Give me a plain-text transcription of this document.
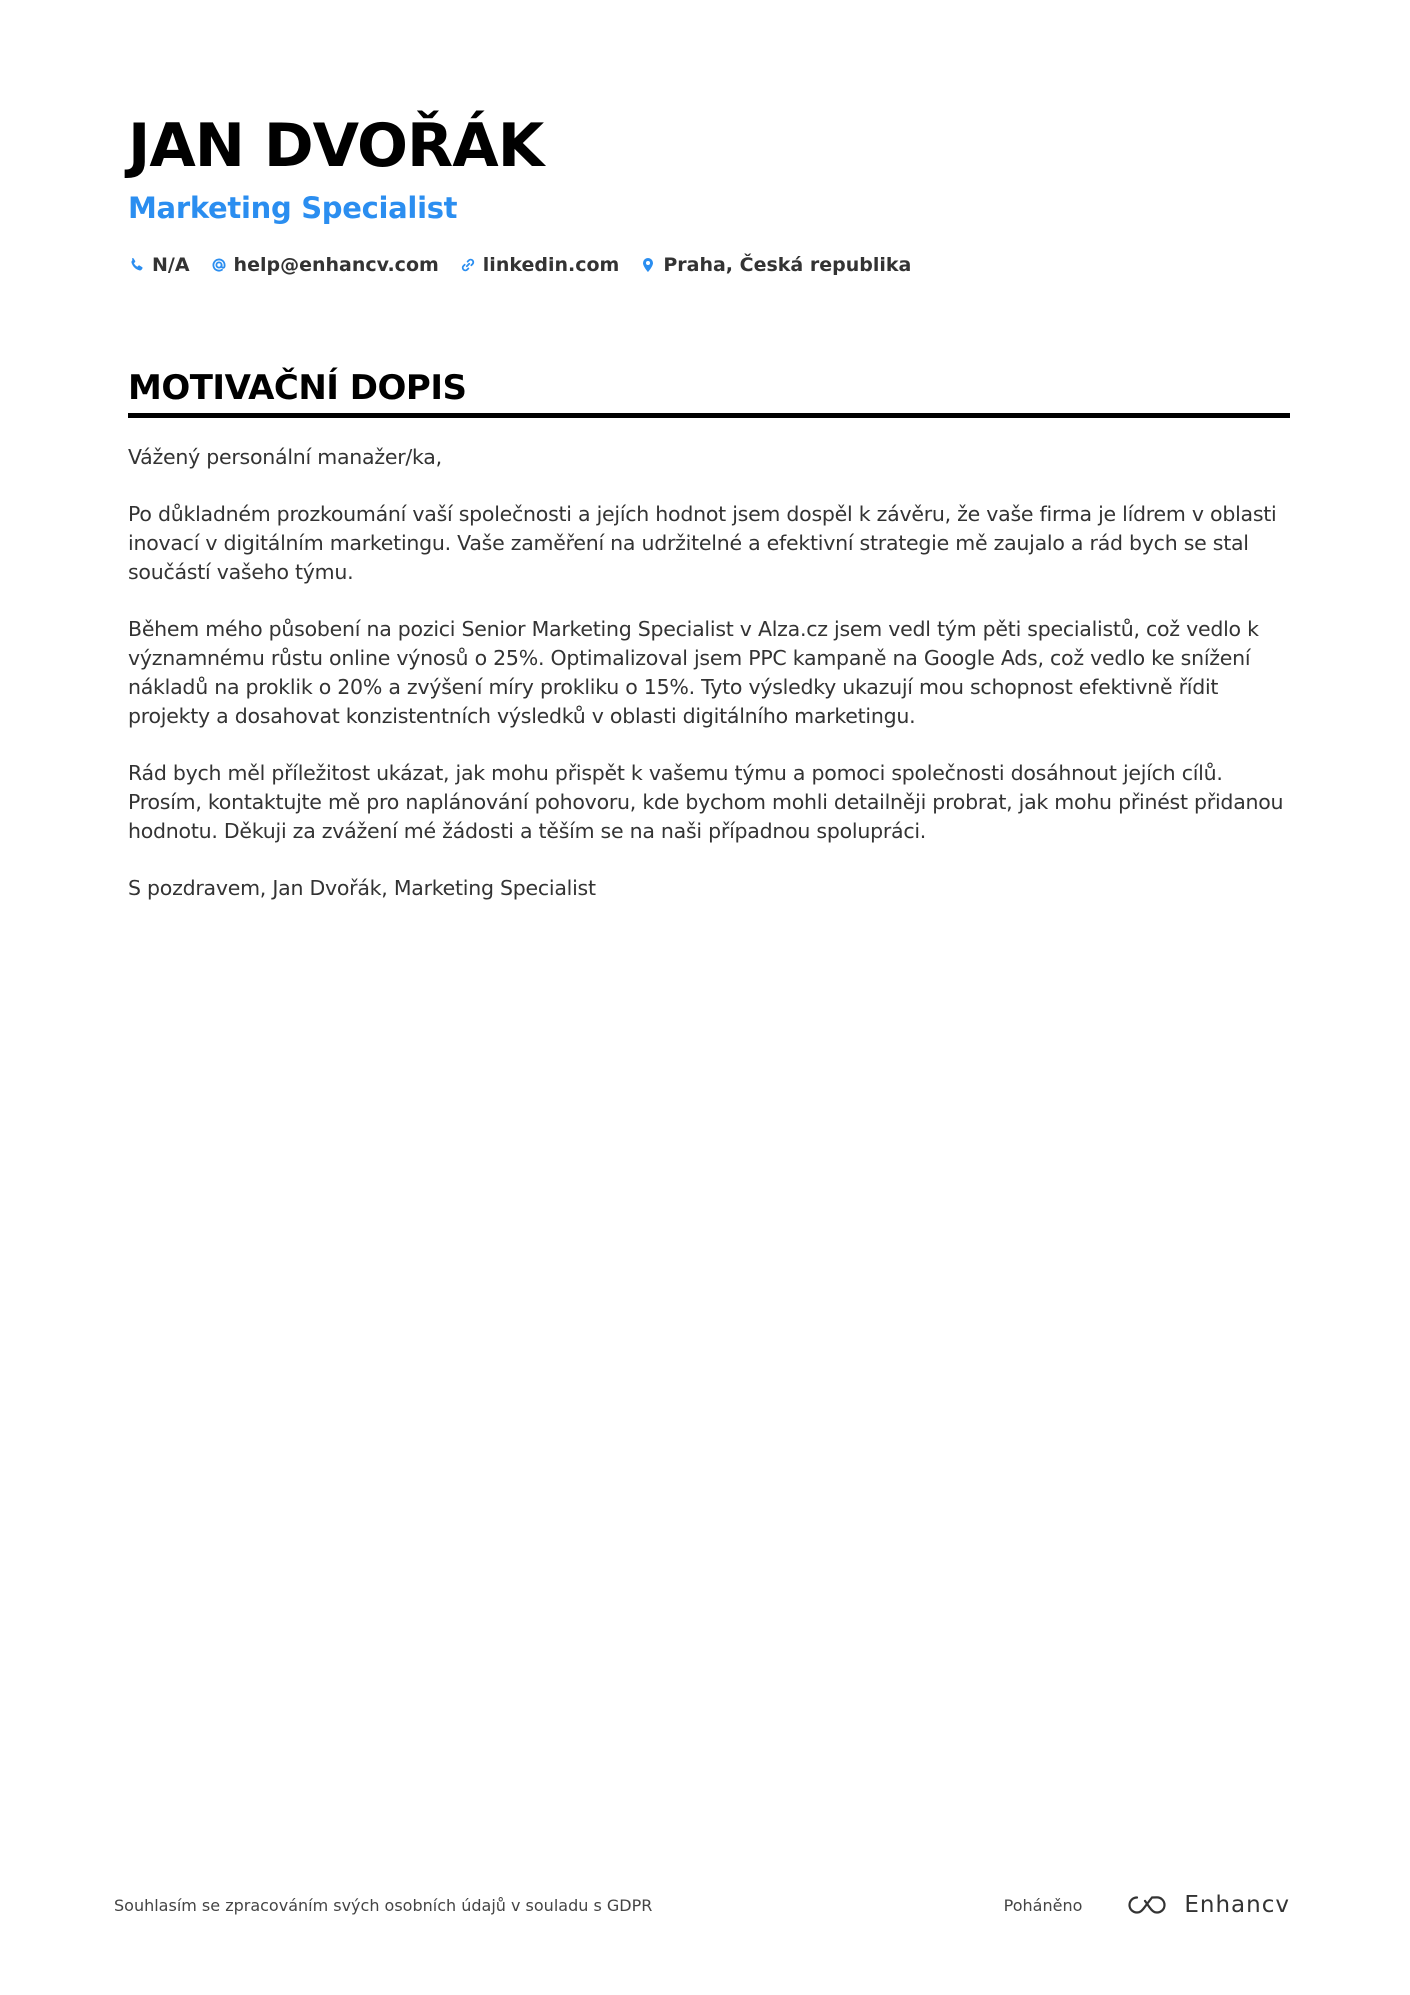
JAN DVOŘÁK
Marketing Specialist
N/A help@enhancv.com linkedin.com Praha, Česká republika
MOTIVAČNÍ DOPIS

Vážený personální manažer/ka,

Po důkladném prozkoumání vaší společnosti a jejích hodnot jsem dospěl k závěru, že vaše firma je lídrem v oblasti inovací v digitálním marketingu. Vaše zaměření na udržitelné a efektivní strategie mě zaujalo a rád bych se stal součástí vašeho týmu.

Během mého působení na pozici Senior Marketing Specialist v Alza.cz jsem vedl tým pěti specialistů, což vedlo k významnému růstu online výnosů o 25%. Optimalizoval jsem PPC kampaně na Google Ads, což vedlo ke snížení nákladů na proklik o 20% a zvýšení míry prokliku o 15%. Tyto výsledky ukazují mou schopnost efektivně řídit projekty a dosahovat konzistentních výsledků v oblasti digitálního marketingu.

Rád bych měl příležitost ukázat, jak mohu přispět k vašemu týmu a pomoci společnosti dosáhnout jejích cílů. Prosím, kontaktujte mě pro naplánování pohovoru, kde bychom mohli detailněji probrat, jak mohu přinést přidanou hodnotu. Děkuji za zvážení mé žádosti a těším se na naši případnou spolupráci.

S pozdravem, Jan Dvořák, Marketing Specialist

Souhlasím se zpracováním svých osobních údajů v souladu s GDPR	Poháněno	Enhancv
